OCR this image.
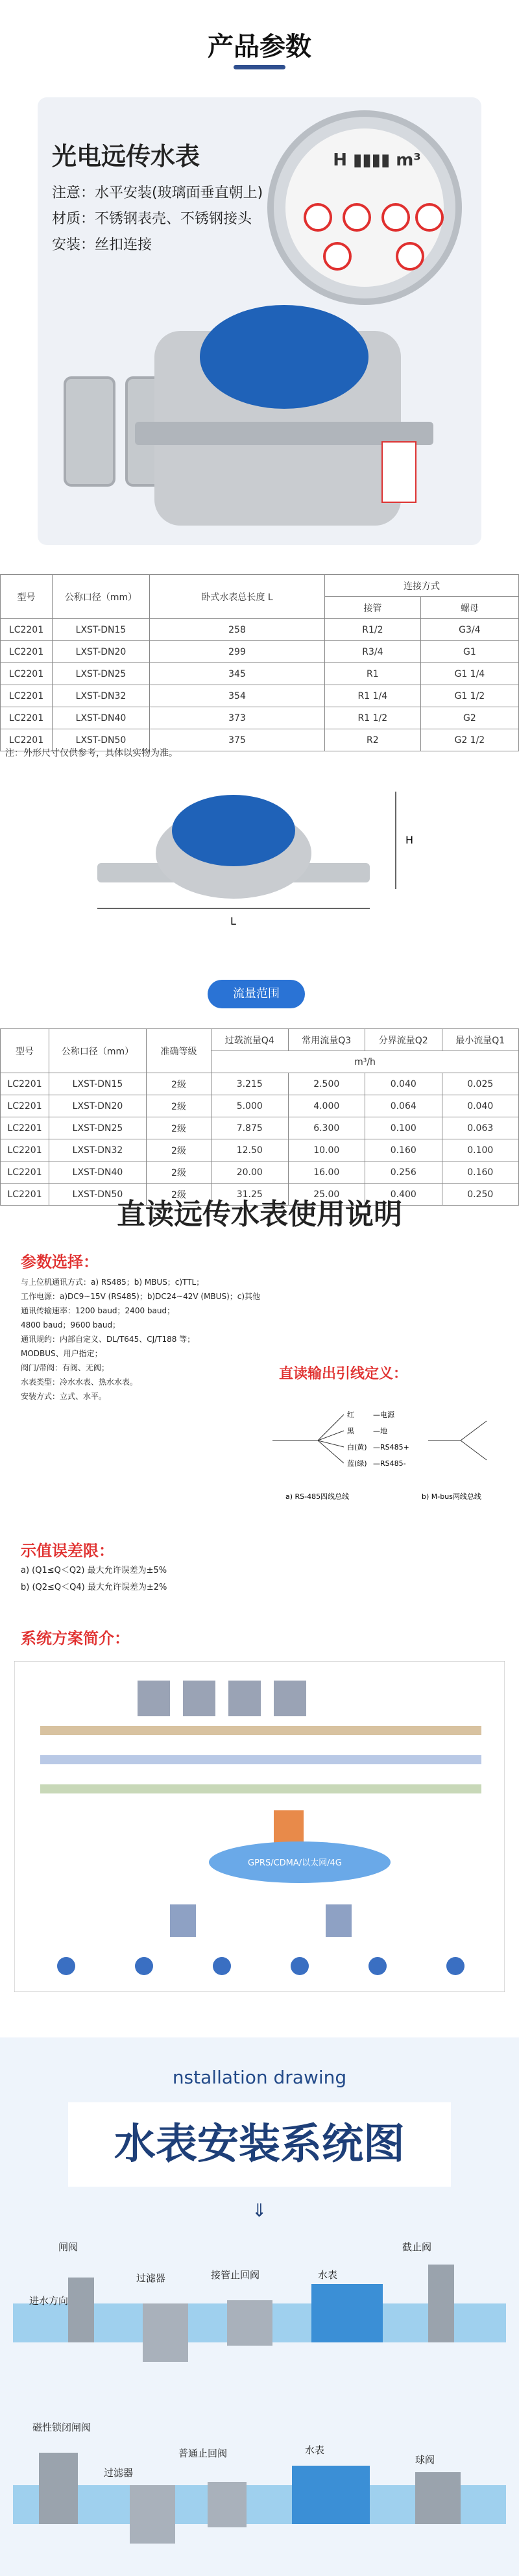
产品参数
光电远传水表
注意：水平安装(玻璃面垂直朝上)
材质：不锈钢表壳、不锈钢接头
安装：丝扣连接
H ▮▮▮▮ m³
型号	公称口径（mm）	卧式水表总长度 L	连接方式	
			接管	螺母
LC2201	LXST-DN15	258	R1/2	G3/4
LC2201	LXST-DN20	299	R3/4	G1
LC2201	LXST-DN25	345	R1	G1 1/4
LC2201	LXST-DN32	354	R1 1/4	G1 1/2
LC2201	LXST-DN40	373	R1 1/2	G2
LC2201	LXST-DN50	375	R2	G2 1/2
注：外形尺寸仅供参考，具体以实物为准。
H
L
流量范围
型号	公称口径（mm）	准确等级	过载流量Q4	常用流量Q3	分界流量Q2	最小流量Q1
			m³/h			
LC2201	LXST-DN15	2级	3.215	2.500	0.040	0.025
LC2201	LXST-DN20	2级	5.000	4.000	0.064	0.040
LC2201	LXST-DN25	2级	7.875	6.300	0.100	0.063
LC2201	LXST-DN32	2级	12.50	10.00	0.160	0.100
LC2201	LXST-DN40	2级	20.00	16.00	0.256	0.160
LC2201	LXST-DN50	2级	31.25	25.00	0.400	0.250
直读远传水表使用说明
参数选择：
与上位机通讯方式：a) RS485；b) MBUS；c)TTL；
工作电源：a)DC9~15V (RS485)；b)DC24~42V (MBUS)；c)其他
通讯传输速率：1200 baud；2400 baud；
4800 baud；9600 baud；
通讯规约：内部自定义、DL/T645、CJ/T188 等；
MODBUS、用户指定；
阀门/带阀：有阀、无阀；
水表类型：冷水水表、热水水表。
安装方式：立式、水平。
直读输出引线定义：
红
黑
白(黄)
蓝(绿)
—电源
—地
—RS485+
—RS485-
a) RS-485四线总线	b) M-bus两线总线
示值误差限：
a) (Q1≤Q＜Q2) 最大允许误差为±5%
b) (Q2≤Q＜Q4) 最大允许误差为±2%
系统方案简介：
GPRS/CDMA/以太网/4G
nstallation drawing
水表安装系统图
⇓
闸阀
过滤器	接管止回阀	水表
截止阀
进水方向
磁性锁闭闸阀
过滤器
普通止回阀	水表
球阀
